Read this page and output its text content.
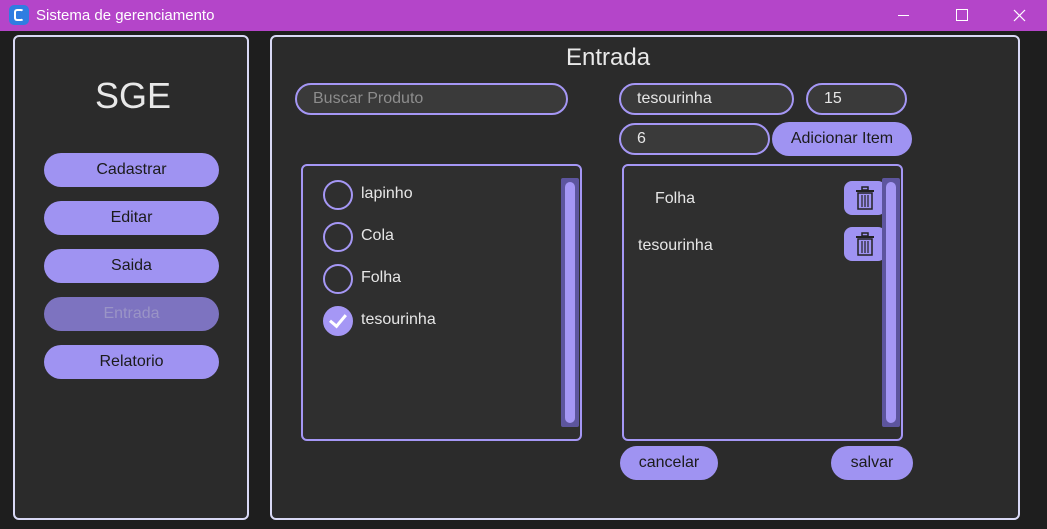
Sistema de gerenciamento
SGE
Cadastrar
Editar
Saida
Entrada
Relatorio
Entrada
Buscar Produto	tesourinha	15
6	Adicionar Item
lapinho
Cola
Folha
tesourinha
Folha
tesourinha
cancelar	salvar
